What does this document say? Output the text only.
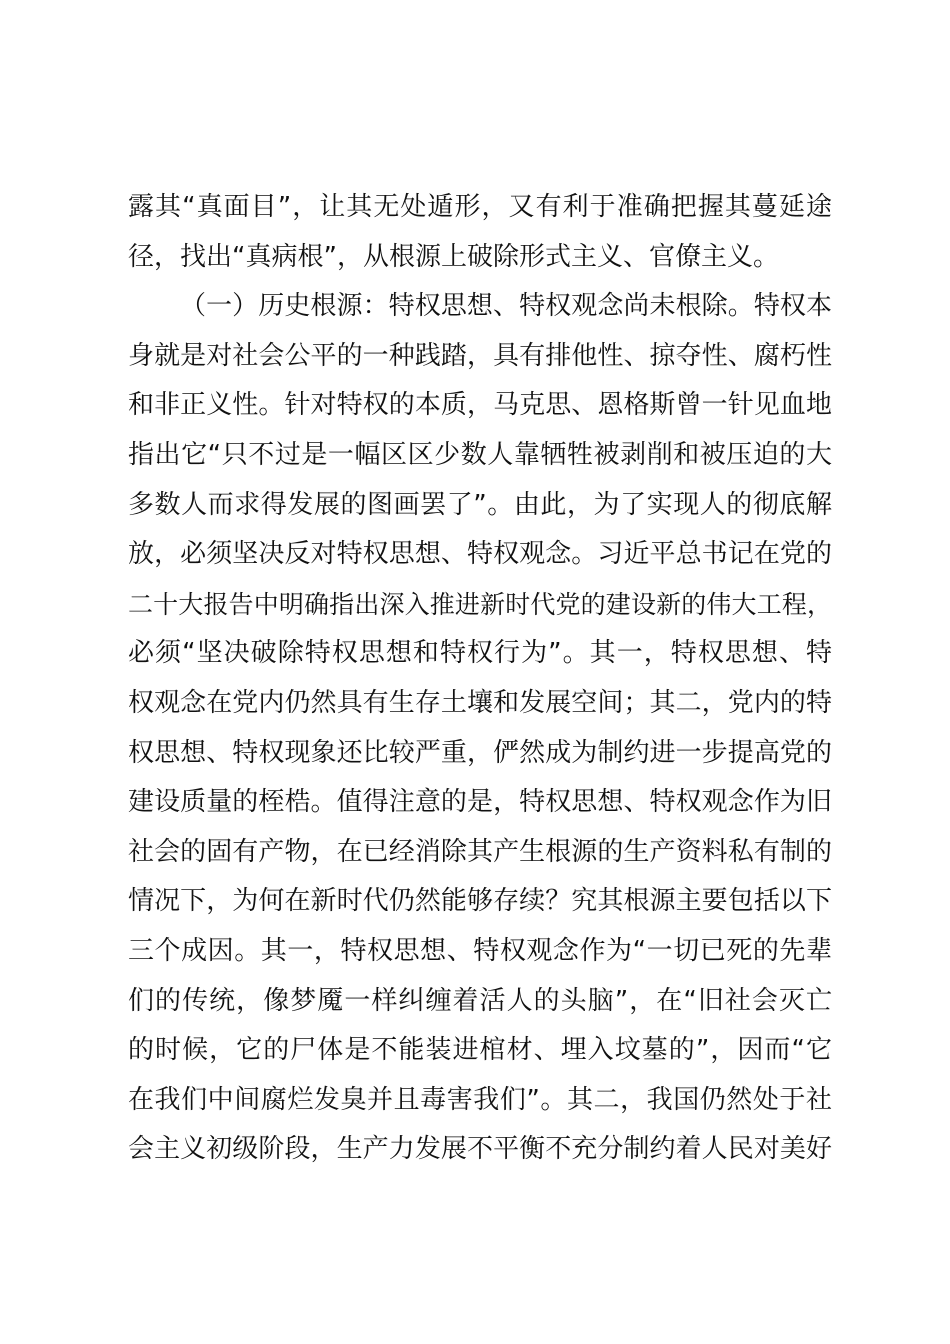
露其“真面目”，让其无处遁形，又有利于准确把握其蔓延途
径，找出“真病根”，从根源上破除形式主义、官僚主义。
（一）历史根源：特权思想、特权观念尚未根除。特权本
身就是对社会公平的一种践踏，具有排他性、掠夺性、腐朽性
和非正义性。针对特权的本质，马克思、恩格斯曾一针见血地
指出它“只不过是一幅区区少数人靠牺牲被剥削和被压迫的大
多数人而求得发展的图画罢了”。由此，为了实现人的彻底解
放，必须坚决反对特权思想、特权观念。习近平总书记在党的
二十大报告中明确指出深入推进新时代党的建设新的伟大工程，
必须“坚决破除特权思想和特权行为”。其一，特权思想、特
权观念在党内仍然具有生存土壤和发展空间；其二，党内的特
权思想、特权现象还比较严重，俨然成为制约进一步提高党的
建设质量的桎梏。值得注意的是，特权思想、特权观念作为旧
社会的固有产物，在已经消除其产生根源的生产资料私有制的
情况下，为何在新时代仍然能够存续？究其根源主要包括以下
三个成因。其一，特权思想、特权观念作为“一切已死的先辈
们的传统，像梦魇一样纠缠着活人的头脑”，在“旧社会灭亡
的时候，它的尸体是不能装进棺材、埋入坟墓的”，因而“它
在我们中间腐烂发臭并且毒害我们”。其二，我国仍然处于社
会主义初级阶段，生产力发展不平衡不充分制约着人民对美好
